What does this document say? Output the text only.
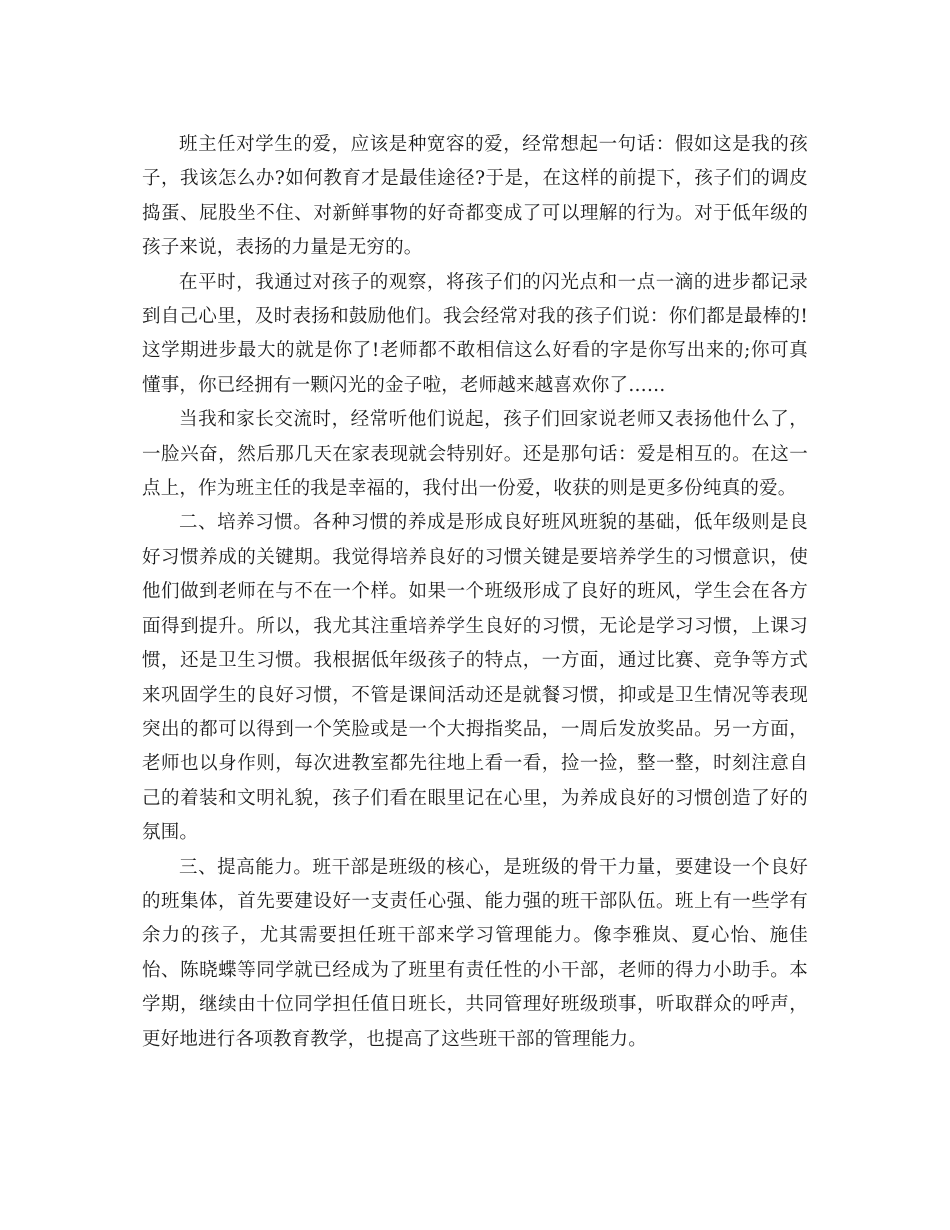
班主任对学生的爱，应该是种宽容的爱，经常想起一句话：假如这是我的孩子，我该怎么办?如何教育才是最佳途径?于是，在这样的前提下，孩子们的调皮捣蛋、屁股坐不住、对新鲜事物的好奇都变成了可以理解的行为。对于低年级的孩子来说，表扬的力量是无穷的。

在平时，我通过对孩子的观察，将孩子们的闪光点和一点一滴的进步都记录到自己心里，及时表扬和鼓励他们。我会经常对我的孩子们说：你们都是最棒的!这学期进步最大的就是你了!老师都不敢相信这么好看的字是你写出来的;你可真懂事，你已经拥有一颗闪光的金子啦，老师越来越喜欢你了……

当我和家长交流时，经常听他们说起，孩子们回家说老师又表扬他什么了，一脸兴奋，然后那几天在家表现就会特别好。还是那句话：爱是相互的。在这一点上，作为班主任的我是幸福的，我付出一份爱，收获的则是更多份纯真的爱。

二、培养习惯。各种习惯的养成是形成良好班风班貌的基础，低年级则是良好习惯养成的关键期。我觉得培养良好的习惯关键是要培养学生的习惯意识，使他们做到老师在与不在一个样。如果一个班级形成了良好的班风，学生会在各方面得到提升。所以，我尤其注重培养学生良好的习惯，无论是学习习惯，上课习惯，还是卫生习惯。我根据低年级孩子的特点，一方面，通过比赛、竞争等方式来巩固学生的良好习惯，不管是课间活动还是就餐习惯，抑或是卫生情况等表现突出的都可以得到一个笑脸或是一个大拇指奖品，一周后发放奖品。另一方面，老师也以身作则，每次进教室都先往地上看一看，捡一捡，整一整，时刻注意自己的着装和文明礼貌，孩子们看在眼里记在心里，为养成良好的习惯创造了好的氛围。

三、提高能力。班干部是班级的核心，是班级的骨干力量，要建设一个良好的班集体，首先要建设好一支责任心强、能力强的班干部队伍。班上有一些学有余力的孩子，尤其需要担任班干部来学习管理能力。像李雅岚、夏心怡、施佳怡、陈晓蝶等同学就已经成为了班里有责任性的小干部，老师的得力小助手。本学期，继续由十位同学担任值日班长，共同管理好班级琐事，听取群众的呼声，更好地进行各项教育教学，也提高了这些班干部的管理能力。
